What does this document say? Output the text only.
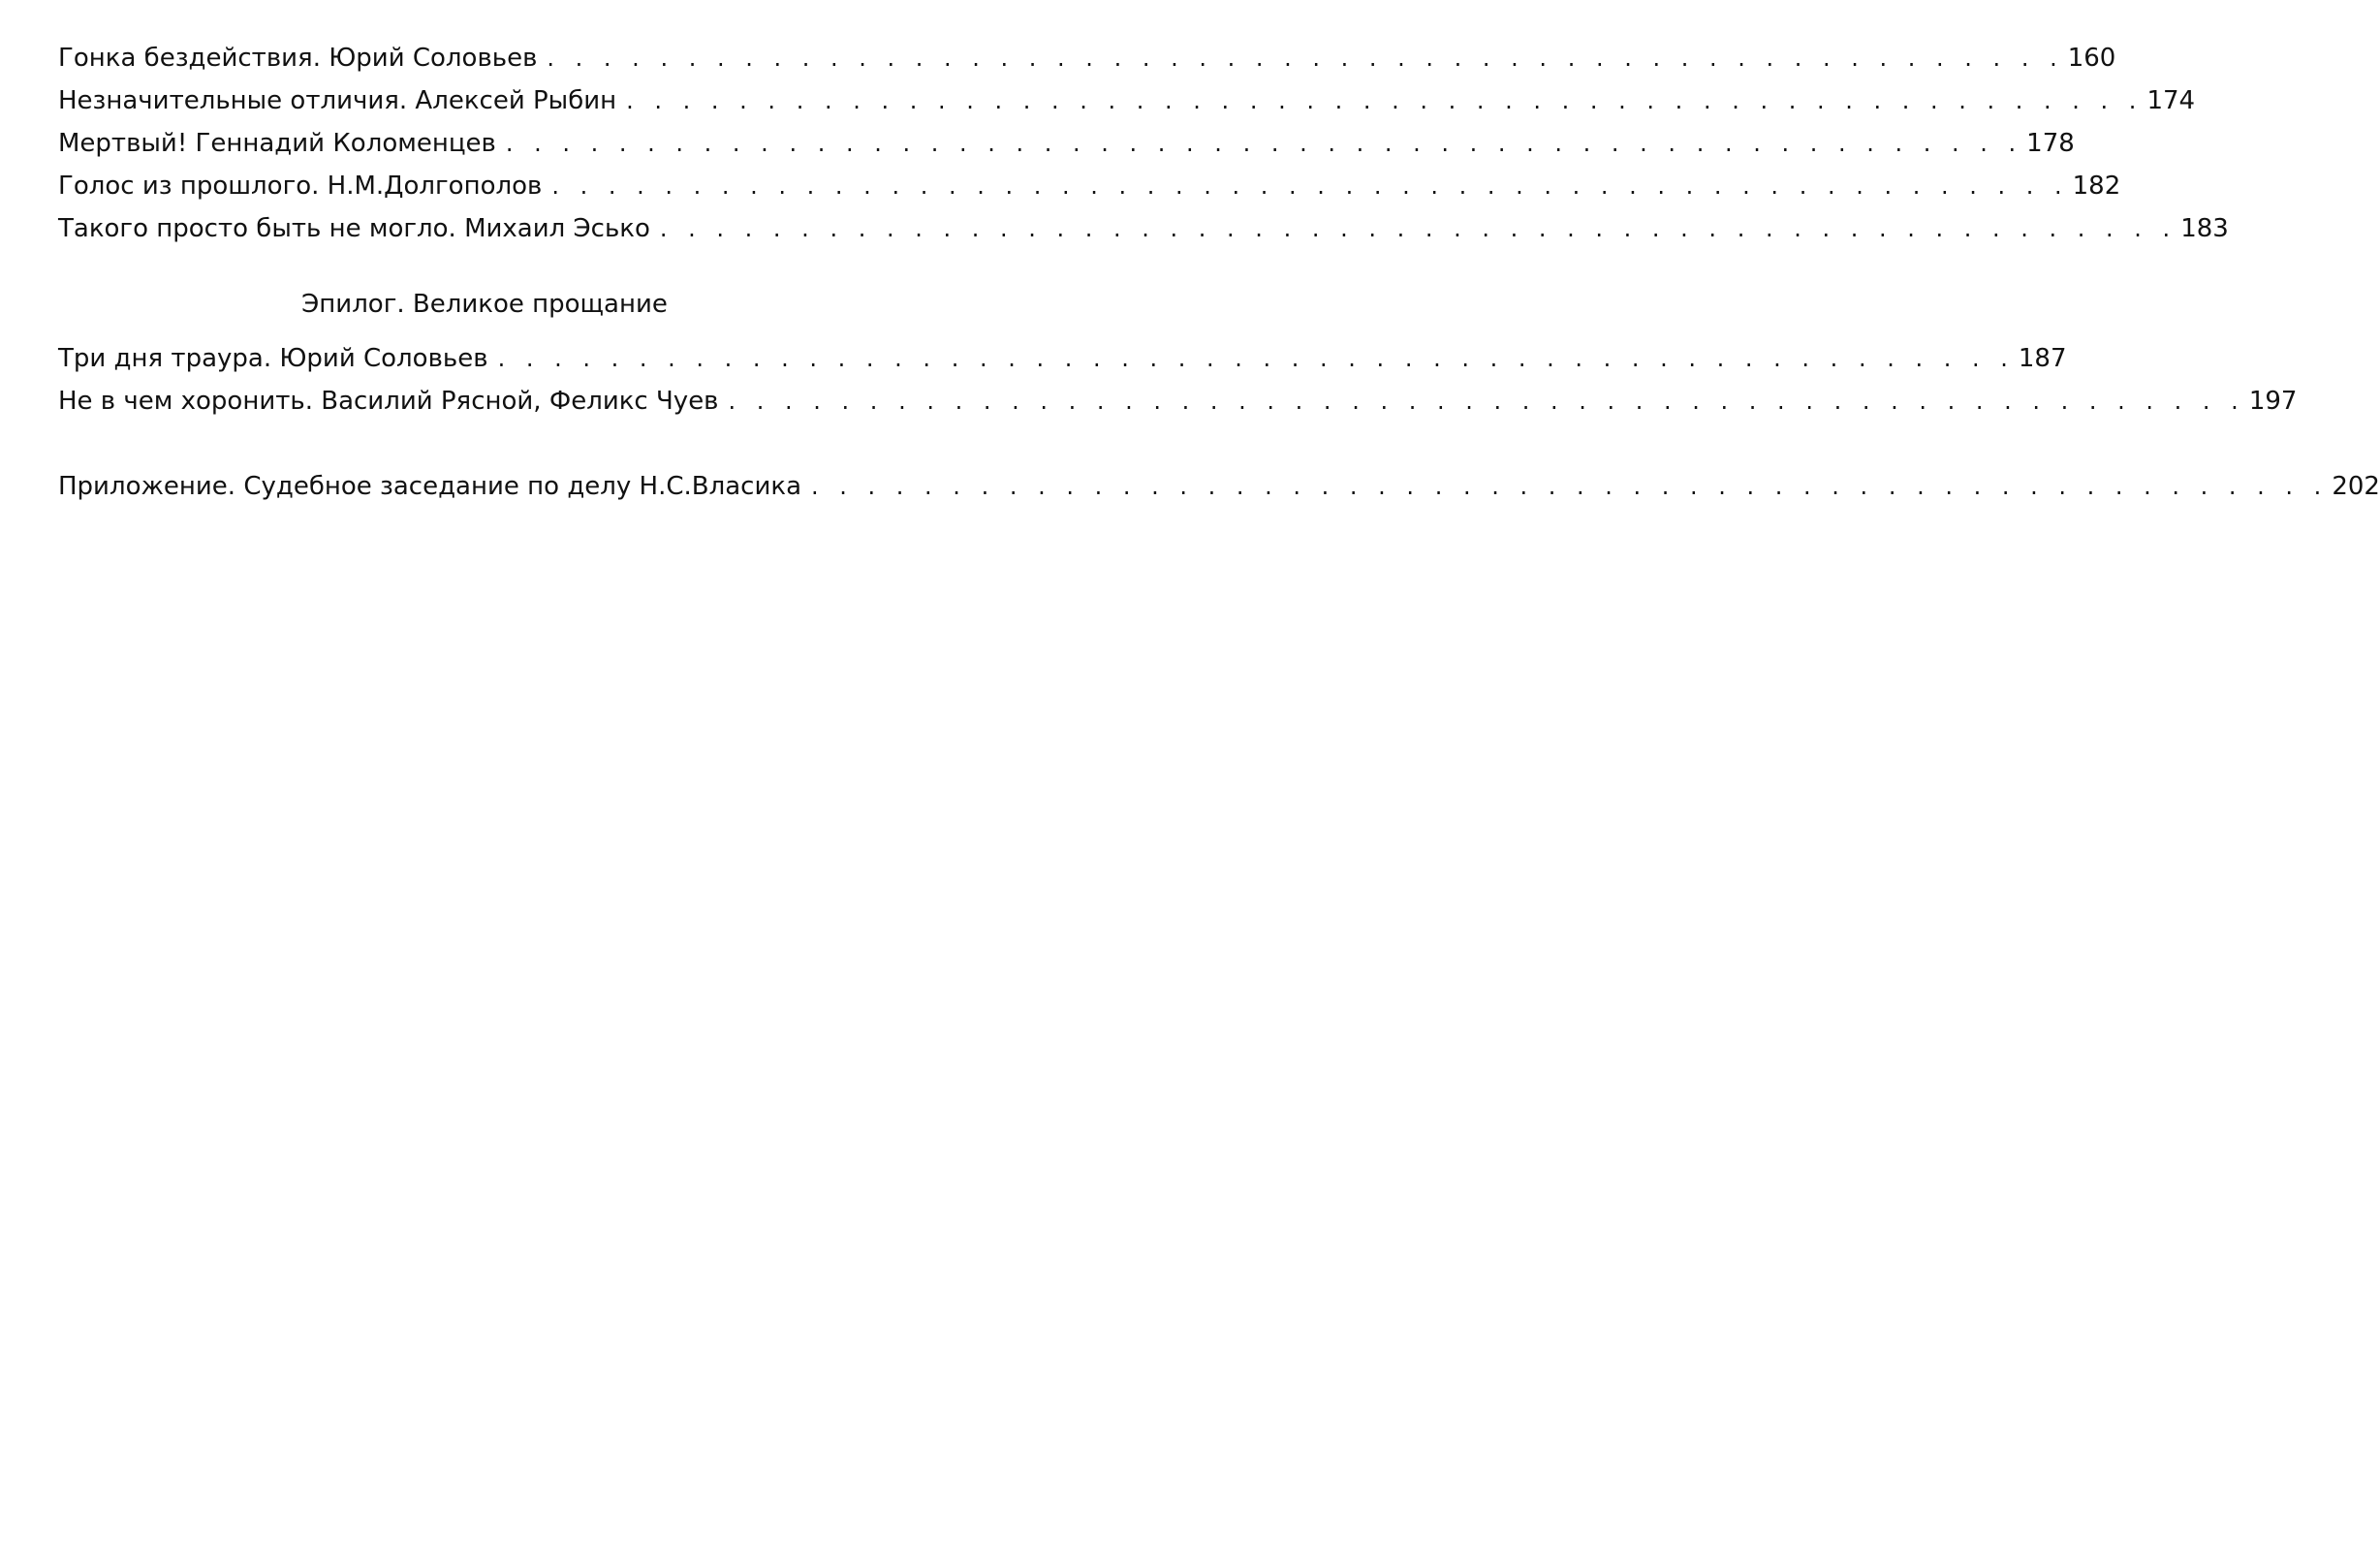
Гонка бездействия. Юрий Соловьев . . . . . . . . . . . . . . . . . . . . . . . . . . . . . . . . . . . . . . . . . . . . . . . . . . . . . . 160
Незначительные отличия. Алексей Рыбин . . . . . . . . . . . . . . . . . . . . . . . . . . . . . . . . . . . . . . . . . . . . . . . . . . . . . . 174
Мертвый! Геннадий Коломенцев . . . . . . . . . . . . . . . . . . . . . . . . . . . . . . . . . . . . . . . . . . . . . . . . . . . . . . 178
Голос из прошлого. Н.М.Долгополов . . . . . . . . . . . . . . . . . . . . . . . . . . . . . . . . . . . . . . . . . . . . . . . . . . . . . . 182
Такого просто быть не могло. Михаил Эсько . . . . . . . . . . . . . . . . . . . . . . . . . . . . . . . . . . . . . . . . . . . . . . . . . . . . . . 183
Эпилог. Великое прощание
Три дня траура. Юрий Соловьев . . . . . . . . . . . . . . . . . . . . . . . . . . . . . . . . . . . . . . . . . . . . . . . . . . . . . . 187
Не в чем хоронить. Василий Рясной, Феликс Чуев . . . . . . . . . . . . . . . . . . . . . . . . . . . . . . . . . . . . . . . . . . . . . . . . . . . . . . 197
Приложение. Судебное заседание по делу Н.С.Власика . . . . . . . . . . . . . . . . . . . . . . . . . . . . . . . . . . . . . . . . . . . . . . . . . . . . . . 202
